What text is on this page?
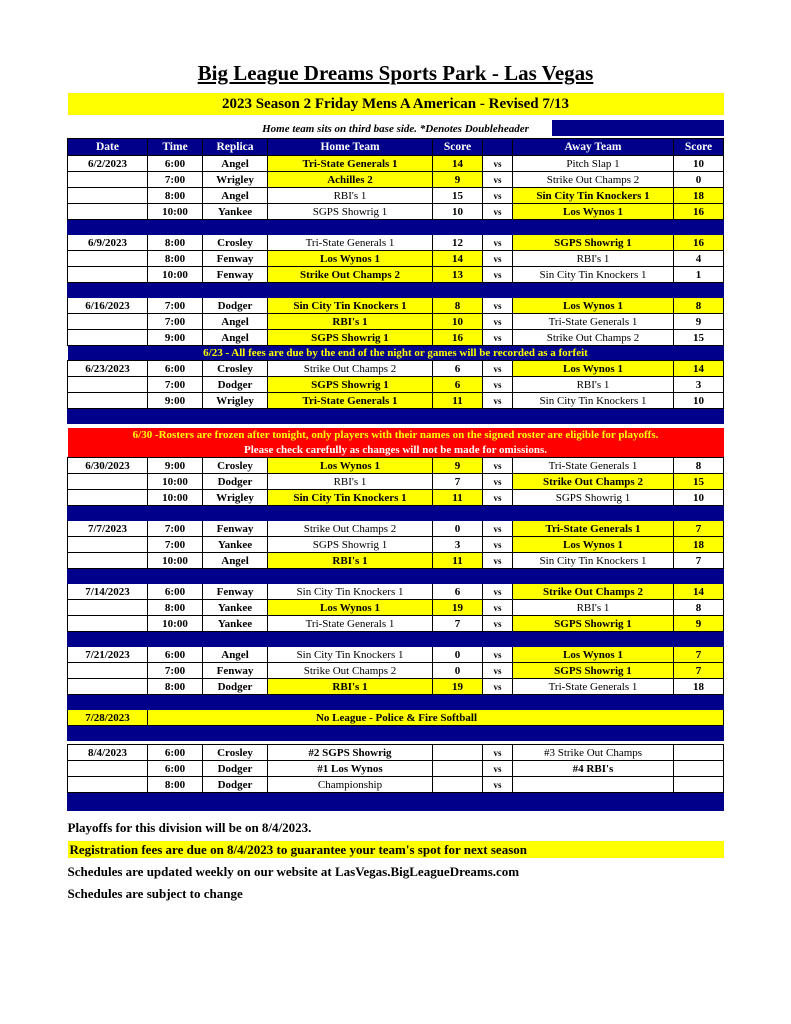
Big League Dreams Sports Park - Las Vegas
2023 Season 2 Friday Mens A American - Revised 7/13
Home team sits on third base side. *Denotes Doubleheader
Date	Time	Replica	Home Team	Score		Away Team	Score
6/2/2023	6:00	Angel	Tri-State Generals 1	14	vs	Pitch Slap 1	10
	7:00	Wrigley	Achilles 2	9	vs	Strike Out Champs 2	0
	8:00	Angel	RBI's 1	15	vs	Sin City Tin Knockers 1	18
	10:00	Yankee	SGPS Showrig 1	10	vs	Los Wynos 1	16

6/9/2023	8:00	Crosley	Tri-State Generals 1	12	vs	SGPS Showrig 1	16
	8:00	Fenway	Los Wynos 1	14	vs	RBI's 1	4
	10:00	Fenway	Strike Out Champs 2	13	vs	Sin City Tin Knockers 1	1

6/16/2023	7:00	Dodger	Sin City Tin Knockers 1	8	vs	Los Wynos 1	8
	7:00	Angel	RBI's 1	10	vs	Tri-State Generals 1	9
	9:00	Angel	SGPS Showrig 1	16	vs	Strike Out Champs 2	15
6/23 - All fees are due by the end of the night or games will be recorded as a forfeit							
6/23/2023	6:00	Crosley	Strike Out Champs 2	6	vs	Los Wynos 1	14
	7:00	Dodger	SGPS Showrig 1	6	vs	RBI's 1	3
	9:00	Wrigley	Tri-State Generals 1	11	vs	Sin City Tin Knockers 1	10

6/30 -Rosters are frozen after tonight, only players with their names on the signed roster are eligible for playoffs.							
Please check carefully as changes will not be made for omissions.							
6/30/2023	9:00	Crosley	Los Wynos 1	9	vs	Tri-State Generals 1	8
	10:00	Dodger	RBI's 1	7	vs	Strike Out Champs 2	15
	10:00	Wrigley	Sin City Tin Knockers 1	11	vs	SGPS Showrig 1	10

7/7/2023	7:00	Fenway	Strike Out Champs 2	0	vs	Tri-State Generals 1	7
	7:00	Yankee	SGPS Showrig 1	3	vs	Los Wynos 1	18
	10:00	Angel	RBI's 1	11	vs	Sin City Tin Knockers 1	7

7/14/2023	6:00	Fenway	Sin City Tin Knockers 1	6	vs	Strike Out Champs 2	14
	8:00	Yankee	Los Wynos 1	19	vs	RBI's 1	8
	10:00	Yankee	Tri-State Generals 1	7	vs	SGPS Showrig 1	9

7/21/2023	6:00	Angel	Sin City Tin Knockers 1	0	vs	Los Wynos 1	7
	7:00	Fenway	Strike Out Champs 2	0	vs	SGPS Showrig 1	7
	8:00	Dodger	RBI's 1	19	vs	Tri-State Generals 1	18

7/28/2023	No League - Police & Fire Softball						

8/4/2023	6:00	Crosley	#2 SGPS Showrig		vs	#3 Strike Out Champs	
	6:00	Dodger	#1 Los Wynos		vs	#4 RBI's	
	8:00	Dodger	Championship		vs		

Playoffs for this division will be on 8/4/2023.
Registration fees are due on 8/4/2023 to guarantee your team's spot for next season
Schedules are updated weekly on our website at LasVegas.BigLeagueDreams.com
Schedules are subject to change
